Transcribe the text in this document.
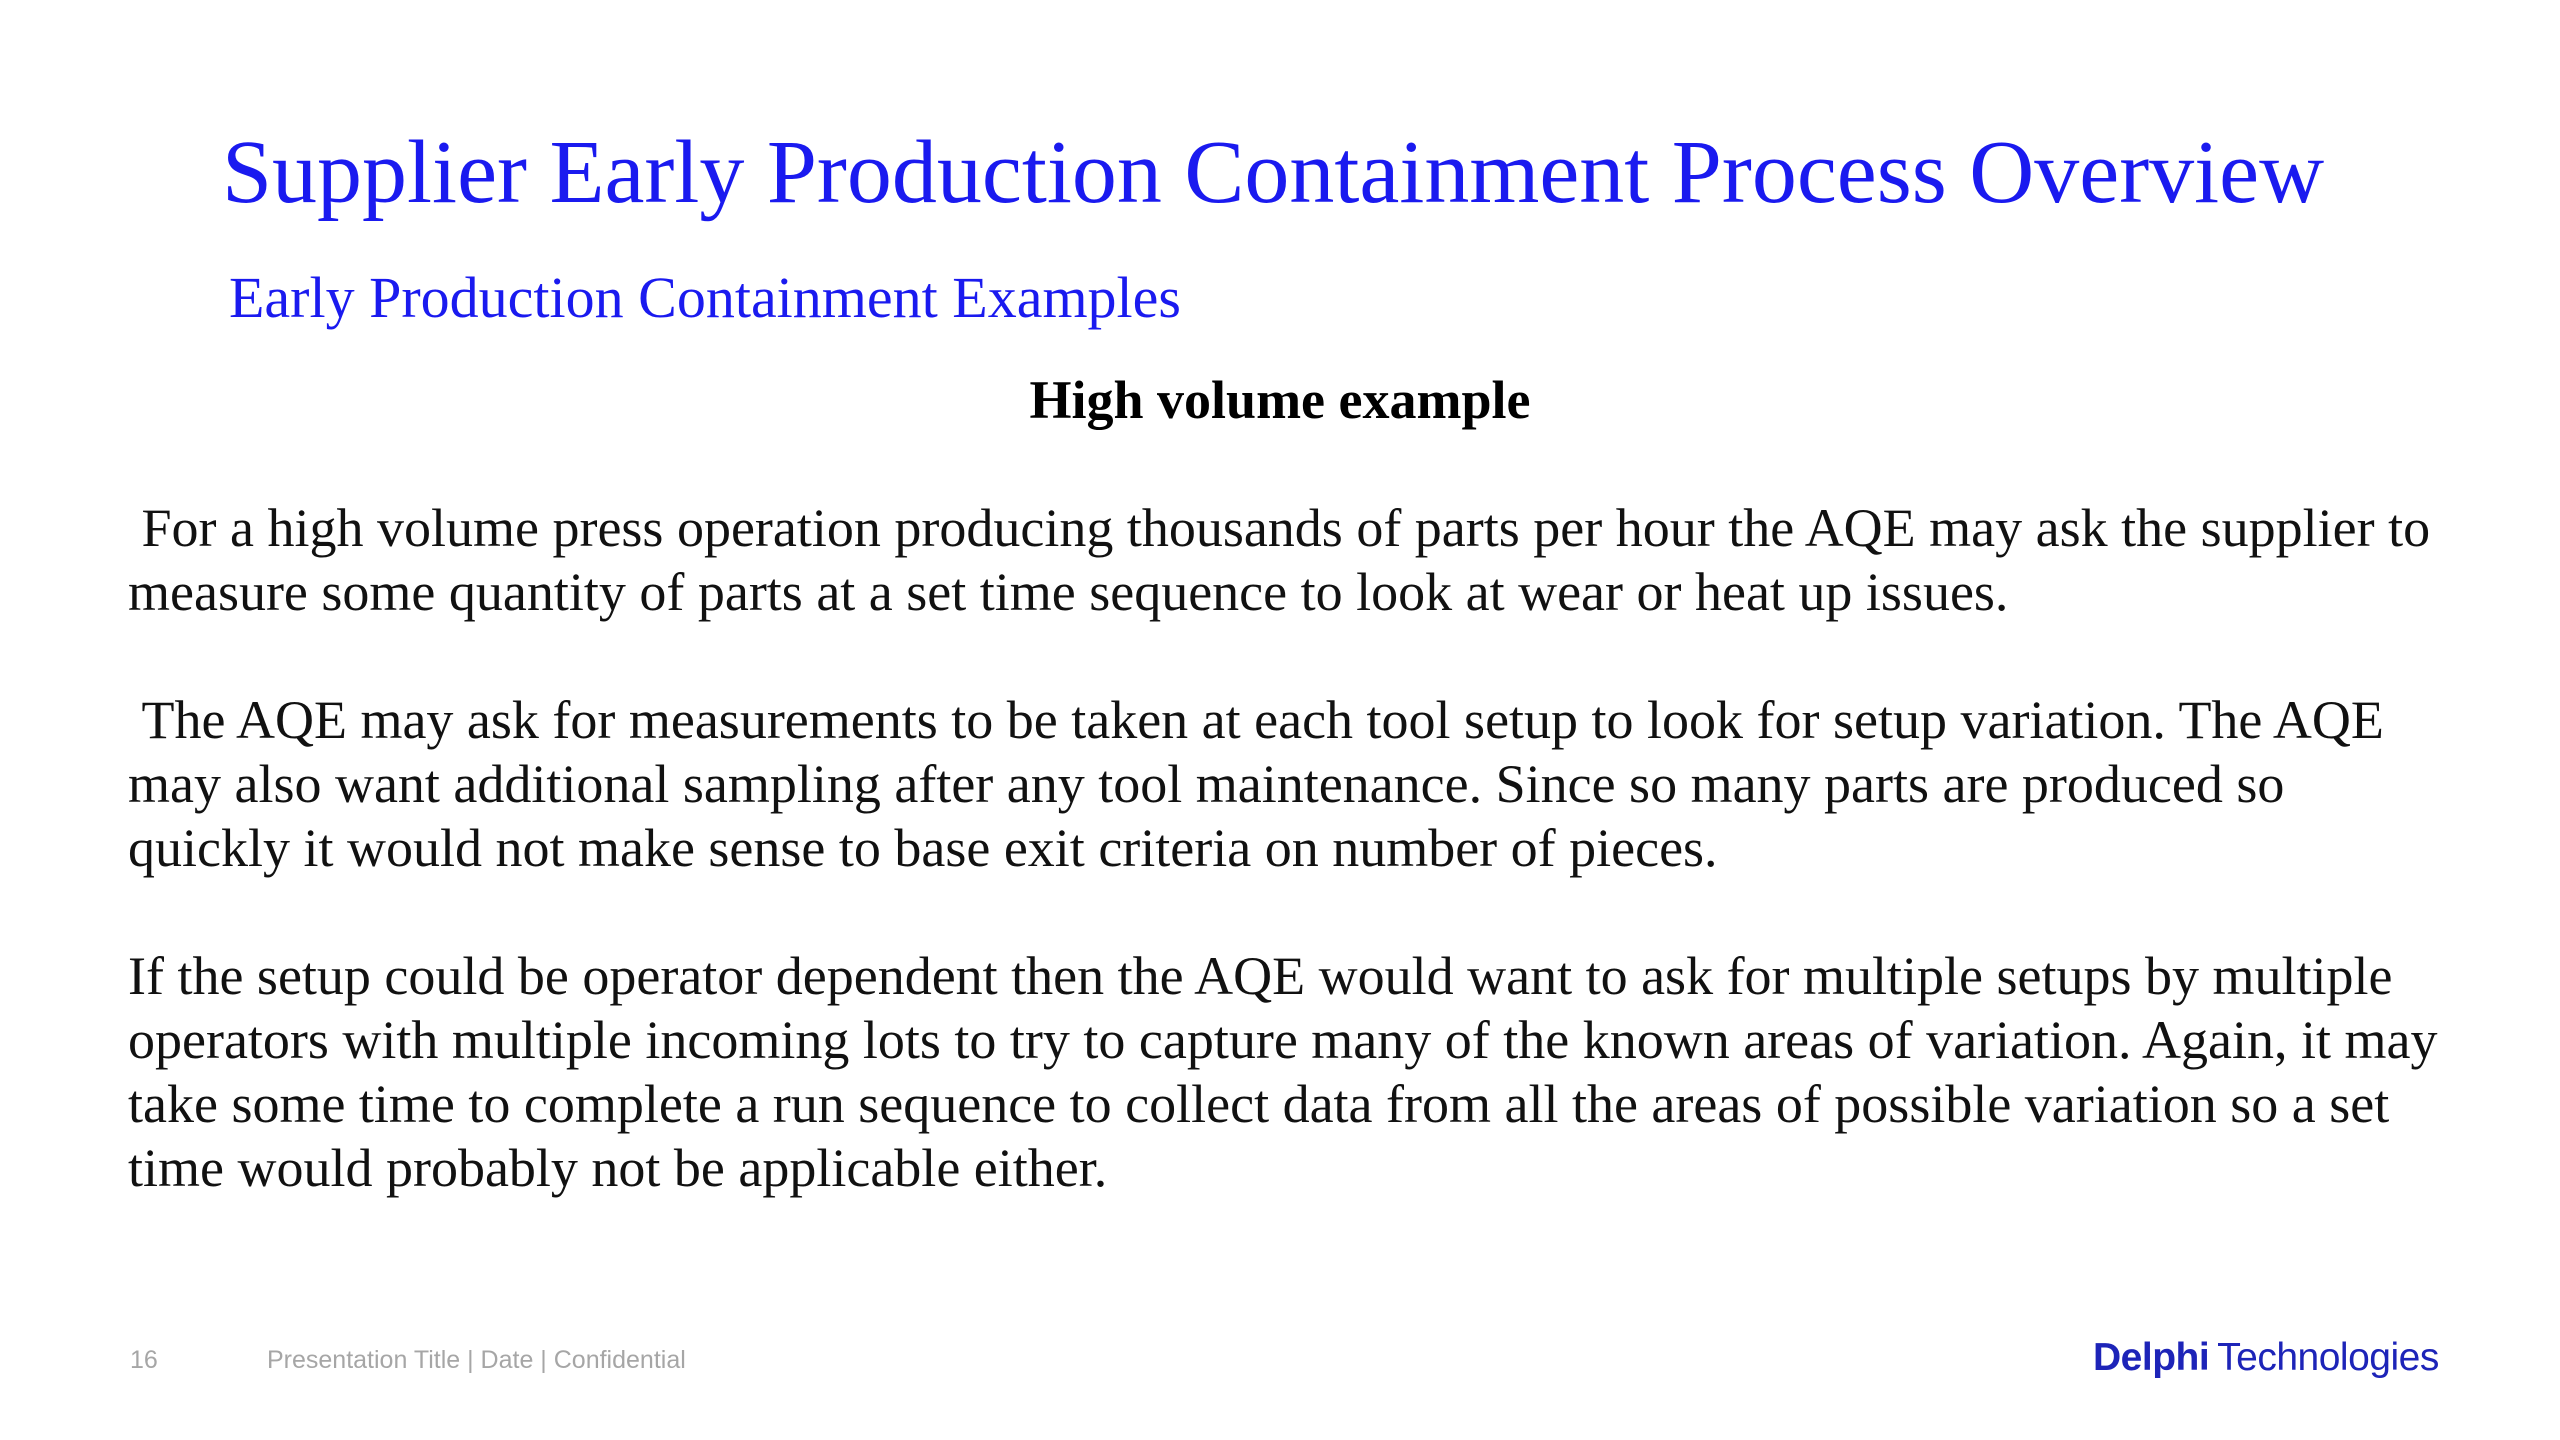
Supplier Early Production Containment Process Overview
Early Production Containment Examples
High volume example

For a high volume press operation producing thousands of parts per hour the AQE may ask the supplier to measure some quantity of parts at a set time sequence to look at wear or heat up issues.

The AQE may ask for measurements to be taken at each tool setup to look for setup variation. The AQE may also want additional sampling after any tool maintenance. Since so many parts are produced so quickly it would not make sense to base exit criteria on number of pieces.

If the setup could be operator dependent then the AQE would want to ask for multiple setups by multiple operators with multiple incoming lots to try to capture many of the known areas of variation. Again, it may take some time to complete a run sequence to collect data from all the areas of possible variation so a set time would probably not be applicable either.

16	Presentation Title | Date | Confidential	Delphi Technologies
